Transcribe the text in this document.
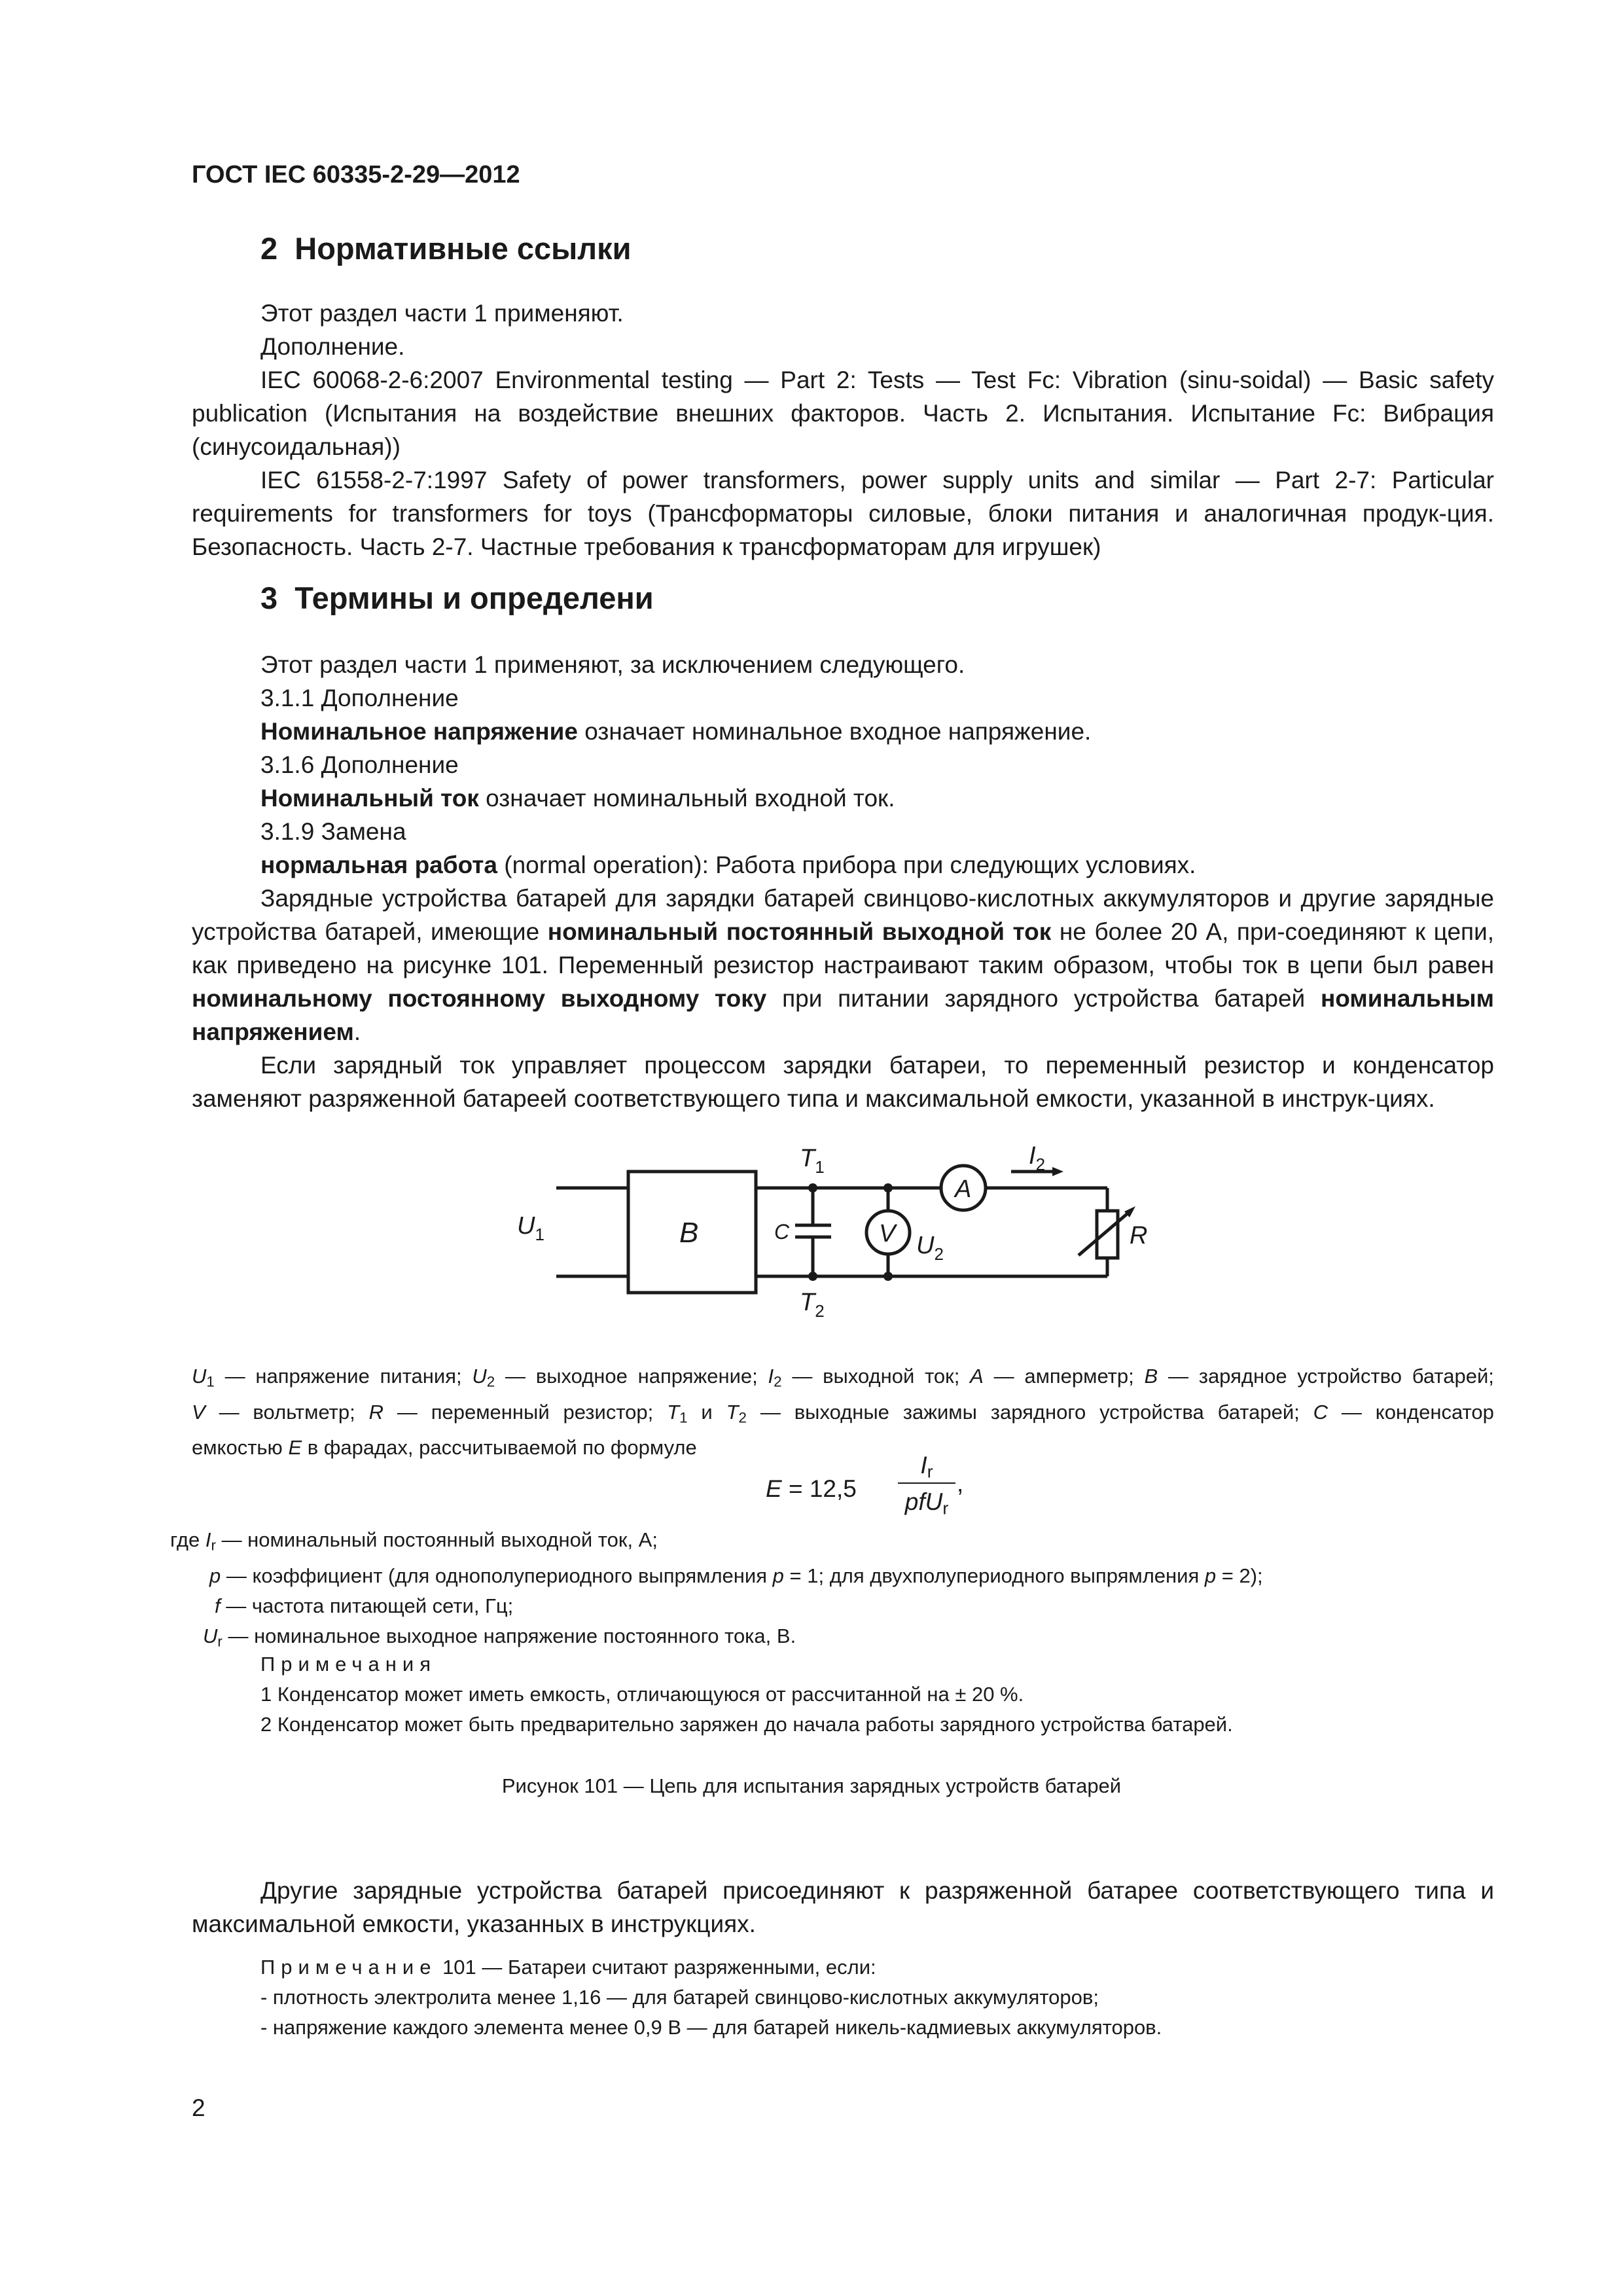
ГОСТ IEC 60335-2-29—2012
2 Нормативные ссылки

Этот раздел части 1 применяют.

Дополнение.

IEC 60068-2-6:2007 Environmental testing — Part 2: Tests — Test Fc: Vibration (sinu-soidal) — Basic safety publication (Испытания на воздействие внешних факторов. Часть 2. Испытания. Испытание Fc: Вибрация (синусоидальная))

IEC 61558-2-7:1997 Safety of power transformers, power supply units and similar — Part 2-7: Particular requirements for transformers for toys (Трансформаторы силовые, блоки питания и аналогичная продук-ция. Безопасность. Часть 2-7. Частные требования к трансформаторам для игрушек)

3 Термины и определени

Этот раздел части 1 применяют, за исключением следующего.

3.1.1 Дополнение

Номинальное напряжение означает номинальное входное напряжение.

3.1.6 Дополнение

Номинальный ток означает номинальный входной ток.

3.1.9 Замена

нормальная работа (normal operation): Работа прибора при следующих условиях.

Зарядные устройства батарей для зарядки батарей свинцово-кислотных аккумуляторов и другие зарядные устройства батарей, имеющие номинальный постоянный выходной ток не более 20 А, при-соединяют к цепи, как приведено на рисунке 101. Переменный резистор настраивают таким образом, чтобы ток в цепи был равен номинальному постоянному выходному току при питании зарядного устройства батарей номинальным напряжением.

Если зарядный ток управляет процессом зарядки батареи, то переменный резистор и конденсатор заменяют разряженной батареей соответствующего типа и максимальной емкости, указанной в инструк-циях.

$U_1$	B	C
$T_1$
$T_2$
V $U_2$
A
$I_2$
R

$U_1$ — напряжение питания; $U_2$ — выходное напряжение; $I_2$ — выходной ток; A — амперметр; B — зарядное устройство батарей;

V — вольтметр; R — переменный резистор; $T_1$ и $T_2$ — выходные зажимы зарядного устройства батарей; C — конденсатор

емкостью E в фарадах, рассчитываемой по формуле

E = 12,5
$I_r$
pfU$_r$
,
где $I_r$ — номинальный постоянный выходной ток, А;
p — коэффициент (для однополупериодного выпрямления p = 1; для двухполупериодного выпрямления p = 2);
f — частота питающей сети, Гц;
$U_r$ — номинальное выходное напряжение постоянного тока, В.
Примечания
1 Конденсатор может иметь емкость, отличающуюся от рассчитанной на ± 20 %.
2 Конденсатор может быть предварительно заряжен до начала работы зарядного устройства батарей.
Рисунок 101 — Цепь для испытания зарядных устройств батарей

Другие зарядные устройства батарей присоединяют к разряженной батарее соответствующего типа и максимальной емкости, указанных в инструкциях.

Примечание 101 — Батареи считают разряженными, если:
- плотность электролита менее 1,16 — для батарей свинцово-кислотных аккумуляторов;
- напряжение каждого элемента менее 0,9 В — для батарей никель-кадмиевых аккумуляторов.
2
